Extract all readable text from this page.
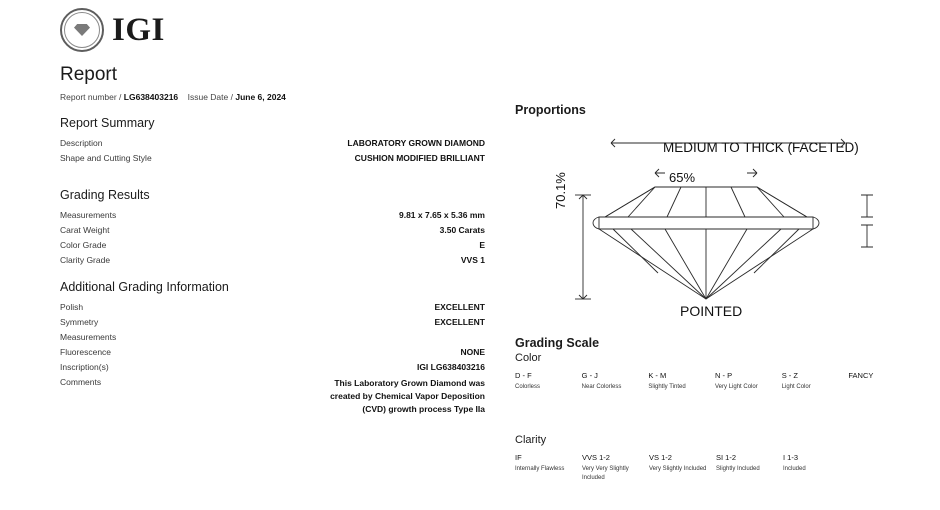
IGI
Report
Report number / LG638403216 Issue Date / June 6, 2024
Report Summary
Description	LABORATORY GROWN DIAMOND
Shape and Cutting Style	CUSHION MODIFIED BRILLIANT
Grading Results
Measurements	9.81 x 7.65 x 5.36 mm
Carat Weight	3.50 Carats
Color Grade	E
Clarity Grade	VVS 1
Additional Grading Information
Polish	EXCELLENT
Symmetry	EXCELLENT
Measurements	
Fluorescence	NONE
Inscription(s)	IGI LG638403216
Comments	This Laboratory Grown Diamond was created by Chemical Vapor Deposition (CVD) growth process Type IIa
Proportions
MEDIUM TO THICK (FACETED)
65%
70.1%
POINTED
Grading Scale
Color
D - F
Colorless
G - J
Near Colorless
K - M
Slightly Tinted
N - P
Very Light Color
S - Z
Light Color
FANCY
Clarity
IF
Internally Flawless
VVS 1-2
Very Very Slightly Included
VS 1-2
Very Slightly Included
SI 1-2
Slightly Included
I 1-3
Included
